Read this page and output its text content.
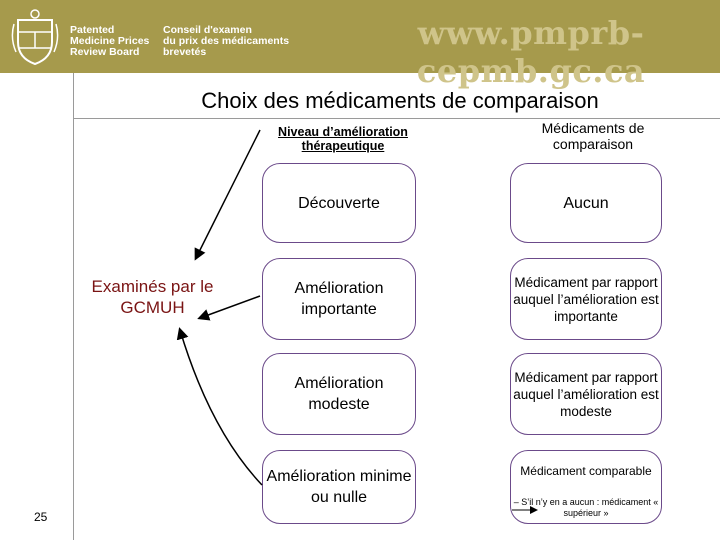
Patented
Medicine Prices
Review Board
Conseil d'examen
du prix des médicaments
brevetés	www.pmprb-cepmb.gc.ca
Choix des médicaments de comparaison
Niveau d’amélioration thérapeutique
Médicaments de comparaison
Découverte	Aucun
Amélioration importante
Médicament par rapport auquel l’amélioration est importante
Amélioration modeste
Médicament par rapport auquel l’amélioration est modeste
Amélioration minime ou nulle
Médicament comparable
– S’il n’y en a aucun : médicament « supérieur »
Examinés par le GCMUH
25
